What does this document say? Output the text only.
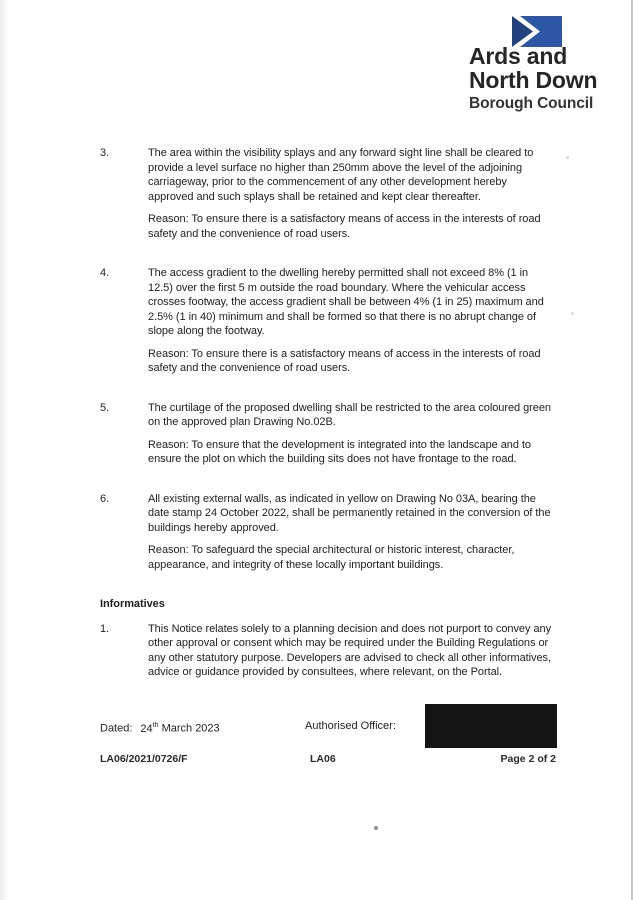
Ards and
North Down
Borough Council
3.	The area within the visibility splays and any forward sight line shall be cleared to provide a level surface no higher than 250mm above the level of the adjoining carriageway, prior to the commencement of any other development hereby approved and such splays shall be retained and kept clear thereafter.
Reason: To ensure there is a satisfactory means of access in the interests of road safety and the convenience of road users.
4.	The access gradient to the dwelling hereby permitted shall not exceed 8% (1 in 12.5) over the first 5 m outside the road boundary. Where the vehicular access crosses footway, the access gradient shall be between 4% (1 in 25) maximum and 2.5% (1 in 40) minimum and shall be formed so that there is no abrupt change of slope along the footway.
Reason: To ensure there is a satisfactory means of access in the interests of road safety and the convenience of road users.
5.	The curtilage of the proposed dwelling shall be restricted to the area coloured green on the approved plan Drawing No.02B.
Reason: To ensure that the development is integrated into the landscape and to ensure the plot on which the building sits does not have frontage to the road.
6.	All existing external walls, as indicated in yellow on Drawing No 03A, bearing the date stamp 24 October 2022, shall be permanently retained in the conversion of the buildings hereby approved.
Reason: To safeguard the special architectural or historic interest, character, appearance, and integrity of these locally important buildings.
Informatives
1.	This Notice relates solely to a planning decision and does not purport to convey any other approval or consent which may be required under the Building Regulations or any other statutory purpose. Developers are advised to check all other informatives, advice or guidance provided by consultees, where relevant, on the Portal.
Dated: 24th March 2023	Authorised Officer:
LA06/2021/0726/F	LA06	Page 2 of 2
